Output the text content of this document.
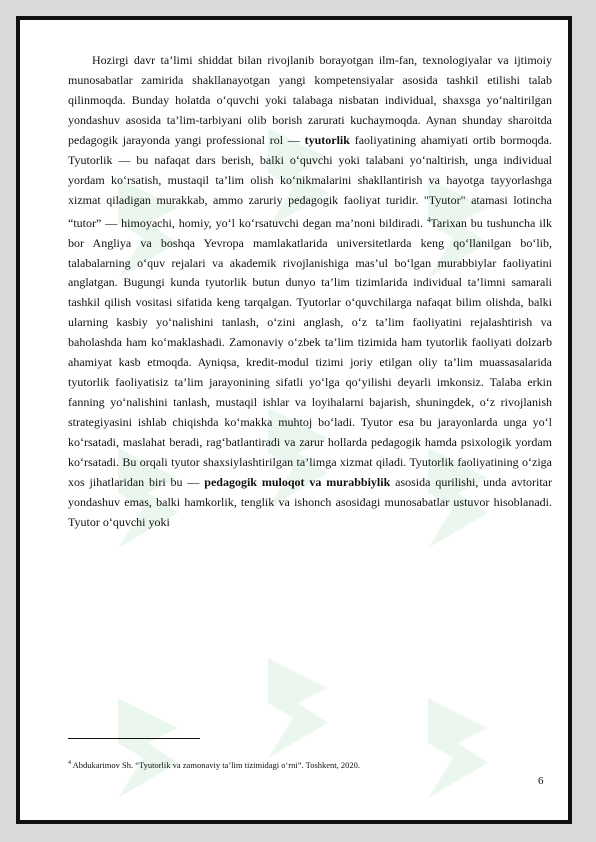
Hozirgi davr ta’limi shiddat bilan rivojlanib borayotgan ilm-fan, texnologiyalar va ijtimoiy munosabatlar zamirida shakllanayotgan yangi kompetensiyalar asosida tashkil etilishi talab qilinmoqda. Bunday holatda o‘quvchi yoki talabaga nisbatan individual, shaxsga yo‘naltirilgan yondashuv asosida ta’lim-tarbiyani olib borish zarurati kuchaymoqda. Aynan shunday sharoitda pedagogik jarayonda yangi professional rol — tyutorlik faoliyatining ahamiyati ortib bormoqda. Tyutorlik — bu nafaqat dars berish, balki o‘quvchi yoki talabani yo‘naltirish, unga individual yordam ko‘rsatish, mustaqil ta’lim olish ko‘nikmalarini shakllantirish va hayotga tayyorlashga xizmat qiladigan murakkab, ammo zaruriy pedagogik faoliyat turidir. "Tyutor" atamasi lotincha “tutor” — himoyachi, homiy, yo‘l ko‘rsatuvchi degan ma’noni bildiradi. $^4$Tarixan bu tushuncha ilk bor Angliya va boshqa Yevropa mamlakatlarida universitetlarda keng qo‘llanilgan bo‘lib, talabalarning o‘quv rejalari va akademik rivojlanishiga mas’ul bo‘lgan murabbiylar faoliyatini anglatgan. Bugungi kunda tyutorlik butun dunyo ta’lim tizimlarida individual ta’limni samarali tashkil qilish vositasi sifatida keng tarqalgan. Tyutorlar o‘quvchilarga nafaqat bilim olishda, balki ularning kasbiy yo‘nalishini tanlash, o‘zini anglash, o‘z ta’lim faoliyatini rejalashtirish va baholashda ham ko‘maklashadi. Zamonaviy o‘zbek ta’lim tizimida ham tyutorlik faoliyati dolzarb ahamiyat kasb etmoqda. Ayniqsa, kredit-modul tizimi joriy etilgan oliy ta’lim muassasalarida tyutorlik faoliyatisiz ta’lim jarayonining sifatli yo‘lga qo‘yilishi deyarli imkonsiz. Talaba erkin fanning yo‘nalishini tanlash, mustaqil ishlar va loyihalarni bajarish, shuningdek, o‘z rivojlanish strategiyasini ishlab chiqishda ko‘makka muhtoj bo‘ladi. Tyutor esa bu jarayonlarda unga yo‘l ko‘rsatadi, maslahat beradi, rag‘batlantiradi va zarur hollarda pedagogik hamda psixologik yordam ko‘rsatadi. Bu orqali tyutor shaxsiylashtirilgan ta’limga xizmat qiladi. Tyutorlik faoliyatining o‘ziga xos jihatlaridan biri bu — pedagogik muloqot va murabbiylik asosida qurilishi, unda avtoritar yondashuv emas, balki hamkorlik, tenglik va ishonch asosidagi munosabatlar ustuvor hisoblanadi. Tyutor o‘quvchi yoki

$^4$ Abdukarimov Sh. “Tyutorlik va zamonaviy ta’lim tizimidagi o‘rni”. Toshkent, 2020.
6
